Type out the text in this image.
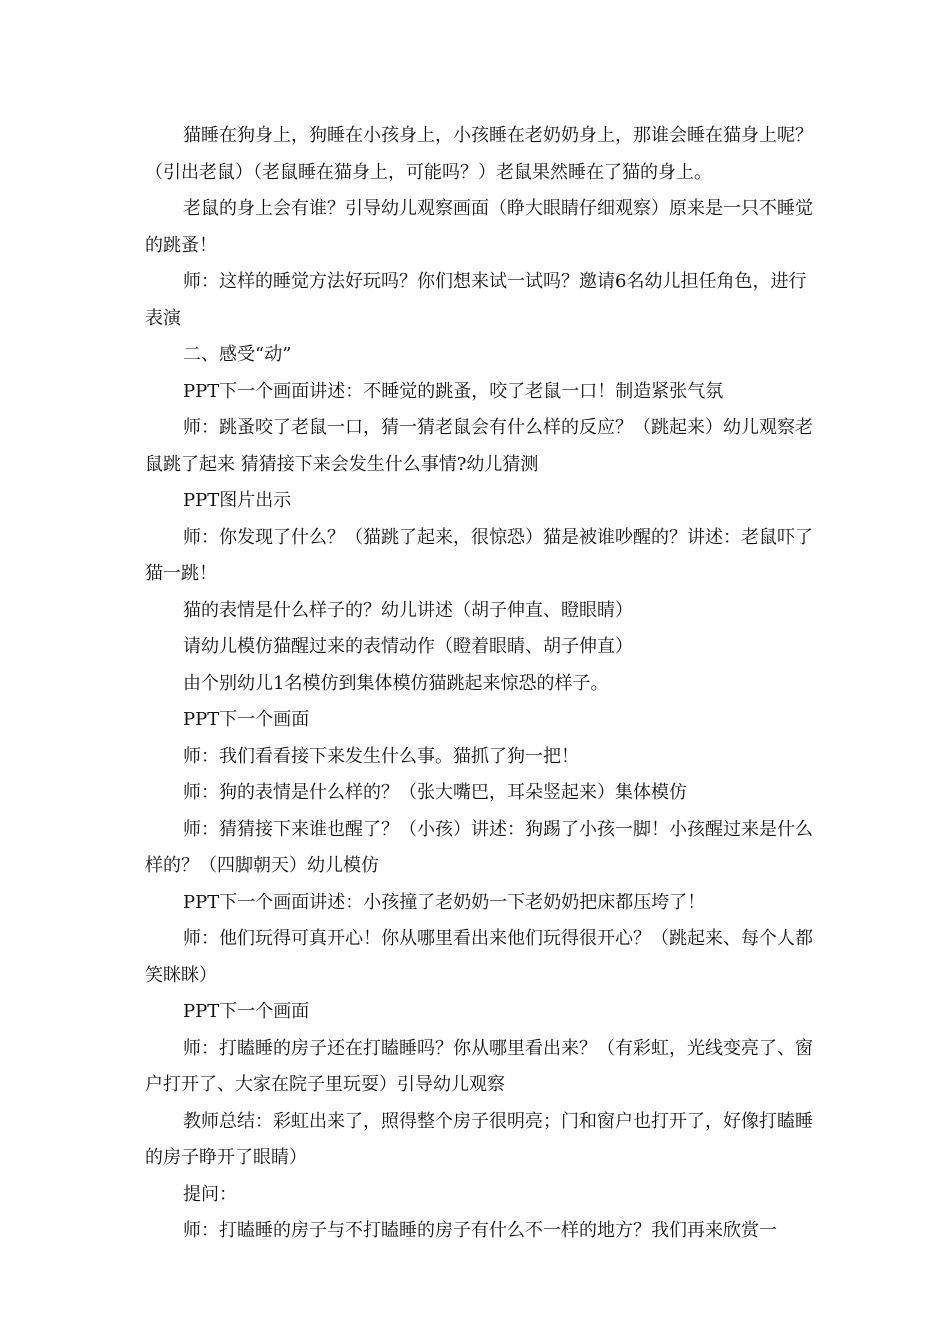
猫睡在狗身上，狗睡在小孩身上，小孩睡在老奶奶身上，那谁会睡在猫身上呢？（引出老鼠）（老鼠睡在猫身上，可能吗？）老鼠果然睡在了猫的身上。

老鼠的身上会有谁？引导幼儿观察画面（睁大眼睛仔细观察）原来是一只不睡觉的跳蚤！

师：这样的睡觉方法好玩吗？你们想来试一试吗？邀请6名幼儿担任角色，进行表演

二、感受“动”

PPT下一个画面讲述：不睡觉的跳蚤，咬了老鼠一口！制造紧张气氛

师：跳蚤咬了老鼠一口，猜一猜老鼠会有什么样的反应？（跳起来）幼儿观察老鼠跳了起来 猜猜接下来会发生什么事情?幼儿猜测

PPT图片出示

师：你发现了什么？（猫跳了起来，很惊恐）猫是被谁吵醒的？讲述：老鼠吓了猫一跳！

猫的表情是什么样子的？幼儿讲述（胡子伸直、瞪眼睛）

请幼儿模仿猫醒过来的表情动作（瞪着眼睛、胡子伸直）

由个别幼儿1名模仿到集体模仿猫跳起来惊恐的样子。

PPT下一个画面

师：我们看看接下来发生什么事。猫抓了狗一把！

师：狗的表情是什么样的？（张大嘴巴，耳朵竖起来）集体模仿

师：猜猜接下来谁也醒了？（小孩）讲述：狗踢了小孩一脚！小孩醒过来是什么样的？（四脚朝天）幼儿模仿

PPT下一个画面讲述：小孩撞了老奶奶一下老奶奶把床都压垮了！

师：他们玩得可真开心！你从哪里看出来他们玩得很开心？（跳起来、每个人都笑眯眯）

PPT下一个画面

师：打瞌睡的房子还在打瞌睡吗？你从哪里看出来？（有彩虹，光线变亮了、窗户打开了、大家在院子里玩耍）引导幼儿观察

教师总结：彩虹出来了，照得整个房子很明亮；门和窗户也打开了，好像打瞌睡的房子睁开了眼睛）

提问：

师：打瞌睡的房子与不打瞌睡的房子有什么不一样的地方？我们再来欣赏一
